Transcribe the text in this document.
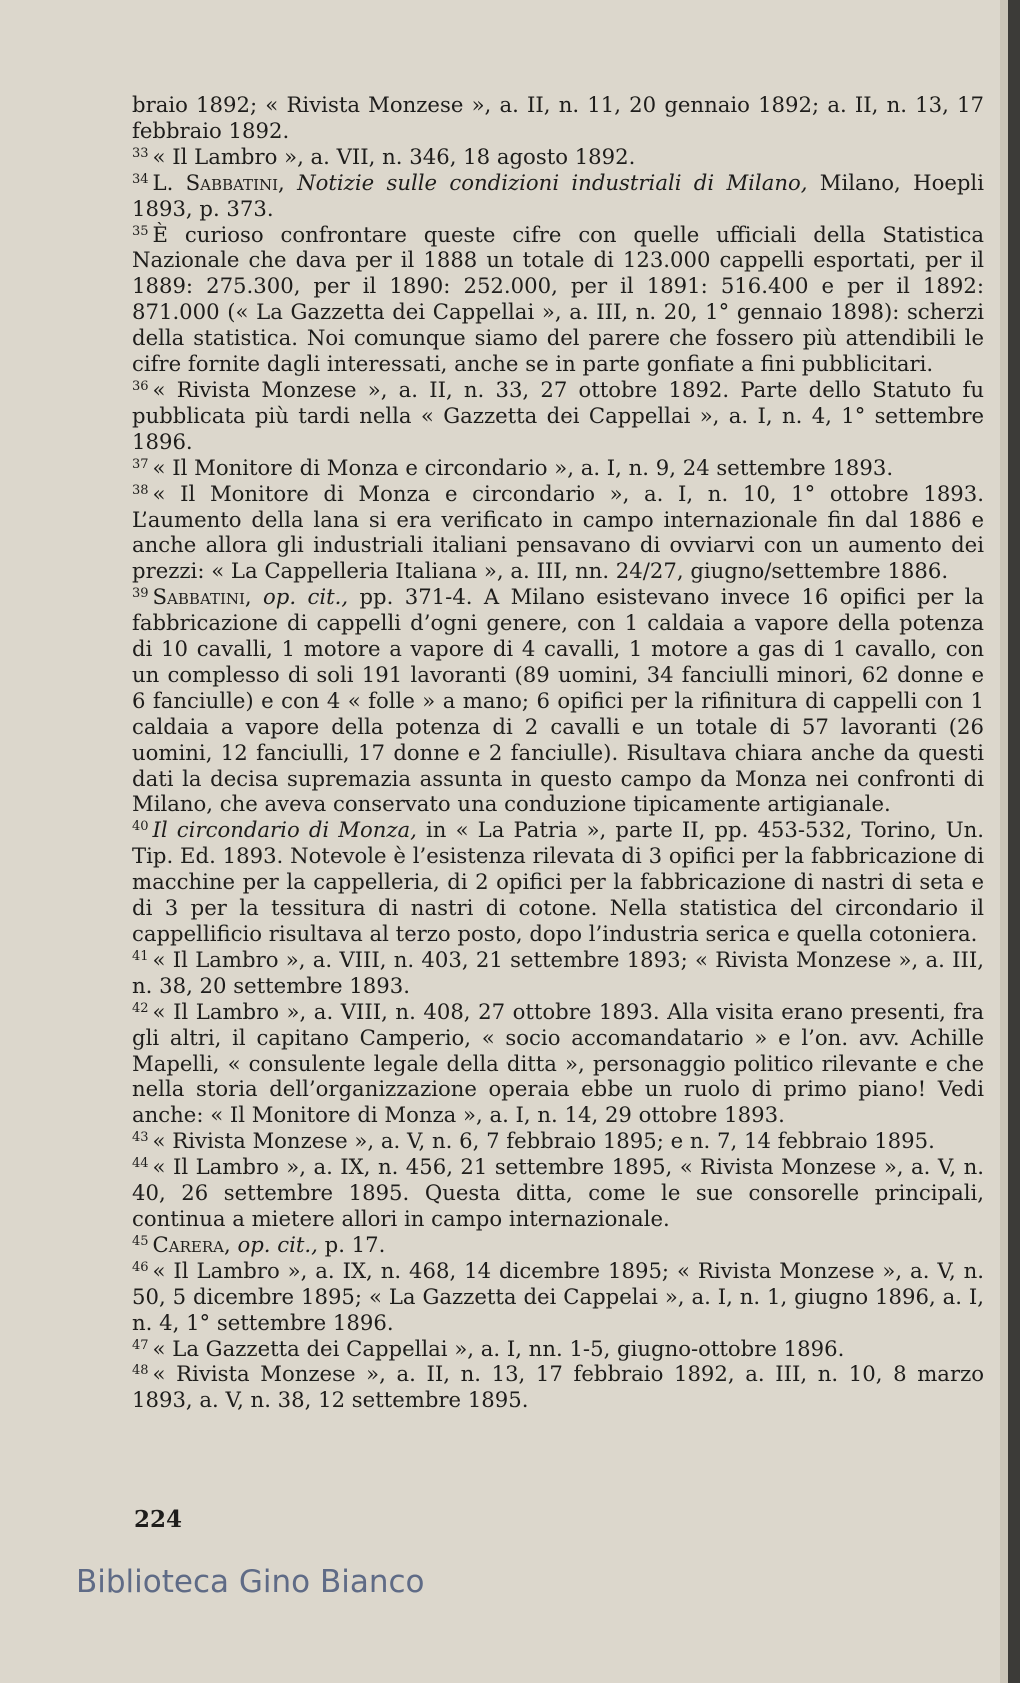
braio 1892; « Rivista Monzese », a. II, n. 11, 20 gennaio 1892; a. II, n. 13, 17 febbraio 1892.

$^{33}$ « Il Lambro », a. VII, n. 346, 18 agosto 1892.

$^{34}$ L. Sabbatini, Notizie sulle condizioni industriali di Milano, Milano, Hoepli 1893, p. 373.

$^{35}$ È curioso confrontare queste cifre con quelle ufficiali della Statistica Nazionale che dava per il 1888 un totale di 123.000 cappelli esportati, per il 1889: 275.300, per il 1890: 252.000, per il 1891: 516.400 e per il 1892: 871.000 (« La Gazzetta dei Cappellai », a. III, n. 20, 1° gennaio 1898): scherzi della statistica. Noi comunque siamo del parere che fossero più attendibili le cifre fornite dagli interessati, anche se in parte gonfiate a fini pubblicitari.

$^{36}$ « Rivista Monzese », a. II, n. 33, 27 ottobre 1892. Parte dello Statuto fu pubblicata più tardi nella « Gazzetta dei Cappellai », a. I, n. 4, 1° settembre 1896.

$^{37}$ « Il Monitore di Monza e circondario », a. I, n. 9, 24 settembre 1893.

$^{38}$ « Il Monitore di Monza e circondario », a. I, n. 10, 1° ottobre 1893. L’aumento della lana si era verificato in campo internazionale fin dal 1886 e anche allora gli industriali italiani pensavano di ovviarvi con un aumento dei prezzi: « La Cappelleria Italiana », a. III, nn. 24/27, giugno/settembre 1886.

$^{39}$ Sabbatini, op. cit., pp. 371-4. A Milano esistevano invece 16 opifici per la fabbricazione di cappelli d’ogni genere, con 1 caldaia a vapore della potenza di 10 cavalli, 1 motore a vapore di 4 cavalli, 1 motore a gas di 1 cavallo, con un complesso di soli 191 lavoranti (89 uomini, 34 fanciulli minori, 62 donne e 6 fanciulle) e con 4 « folle » a mano; 6 opifici per la rifinitura di cappelli con 1 caldaia a vapore della potenza di 2 cavalli e un totale di 57 lavoranti (26 uomini, 12 fanciulli, 17 donne e 2 fanciulle). Risultava chiara anche da questi dati la decisa supremazia assunta in questo campo da Monza nei confronti di Milano, che aveva conservato una conduzione tipicamente artigianale.

$^{40}$ Il circondario di Monza, in « La Patria », parte II, pp. 453-532, Torino, Un. Tip. Ed. 1893. Notevole è l’esistenza rilevata di 3 opifici per la fabbricazione di macchine per la cappelleria, di 2 opifici per la fabbricazione di nastri di seta e di 3 per la tessitura di nastri di cotone. Nella statistica del circondario il cappellificio risultava al terzo posto, dopo l’industria serica e quella cotoniera.

$^{41}$ « Il Lambro », a. VIII, n. 403, 21 settembre 1893; « Rivista Monzese », a. III, n. 38, 20 settembre 1893.

$^{42}$ « Il Lambro », a. VIII, n. 408, 27 ottobre 1893. Alla visita erano presenti, fra gli altri, il capitano Camperio, « socio accomandatario » e l’on. avv. Achille Mapelli, « consulente legale della ditta », personaggio politico rilevante e che nella storia dell’organizzazione operaia ebbe un ruolo di primo piano! Vedi anche: « Il Monitore di Monza », a. I, n. 14, 29 ottobre 1893.

$^{43}$ « Rivista Monzese », a. V, n. 6, 7 febbraio 1895; e n. 7, 14 febbraio 1895.

$^{44}$ « Il Lambro », a. IX, n. 456, 21 settembre 1895, « Rivista Monzese », a. V, n. 40, 26 settembre 1895. Questa ditta, come le sue consorelle principali, continua a mietere allori in campo internazionale.

$^{45}$ Carera, op. cit., p. 17.

$^{46}$ « Il Lambro », a. IX, n. 468, 14 dicembre 1895; « Rivista Monzese », a. V, n. 50, 5 dicembre 1895; « La Gazzetta dei Cappelai », a. I, n. 1, giugno 1896, a. I, n. 4, 1° settembre 1896.

$^{47}$ « La Gazzetta dei Cappellai », a. I, nn. 1-5, giugno-ottobre 1896.

$^{48}$ « Rivista Monzese », a. II, n. 13, 17 febbraio 1892, a. III, n. 10, 8 marzo 1893, a. V, n. 38, 12 settembre 1895.

224
Biblioteca Gino Bianco
